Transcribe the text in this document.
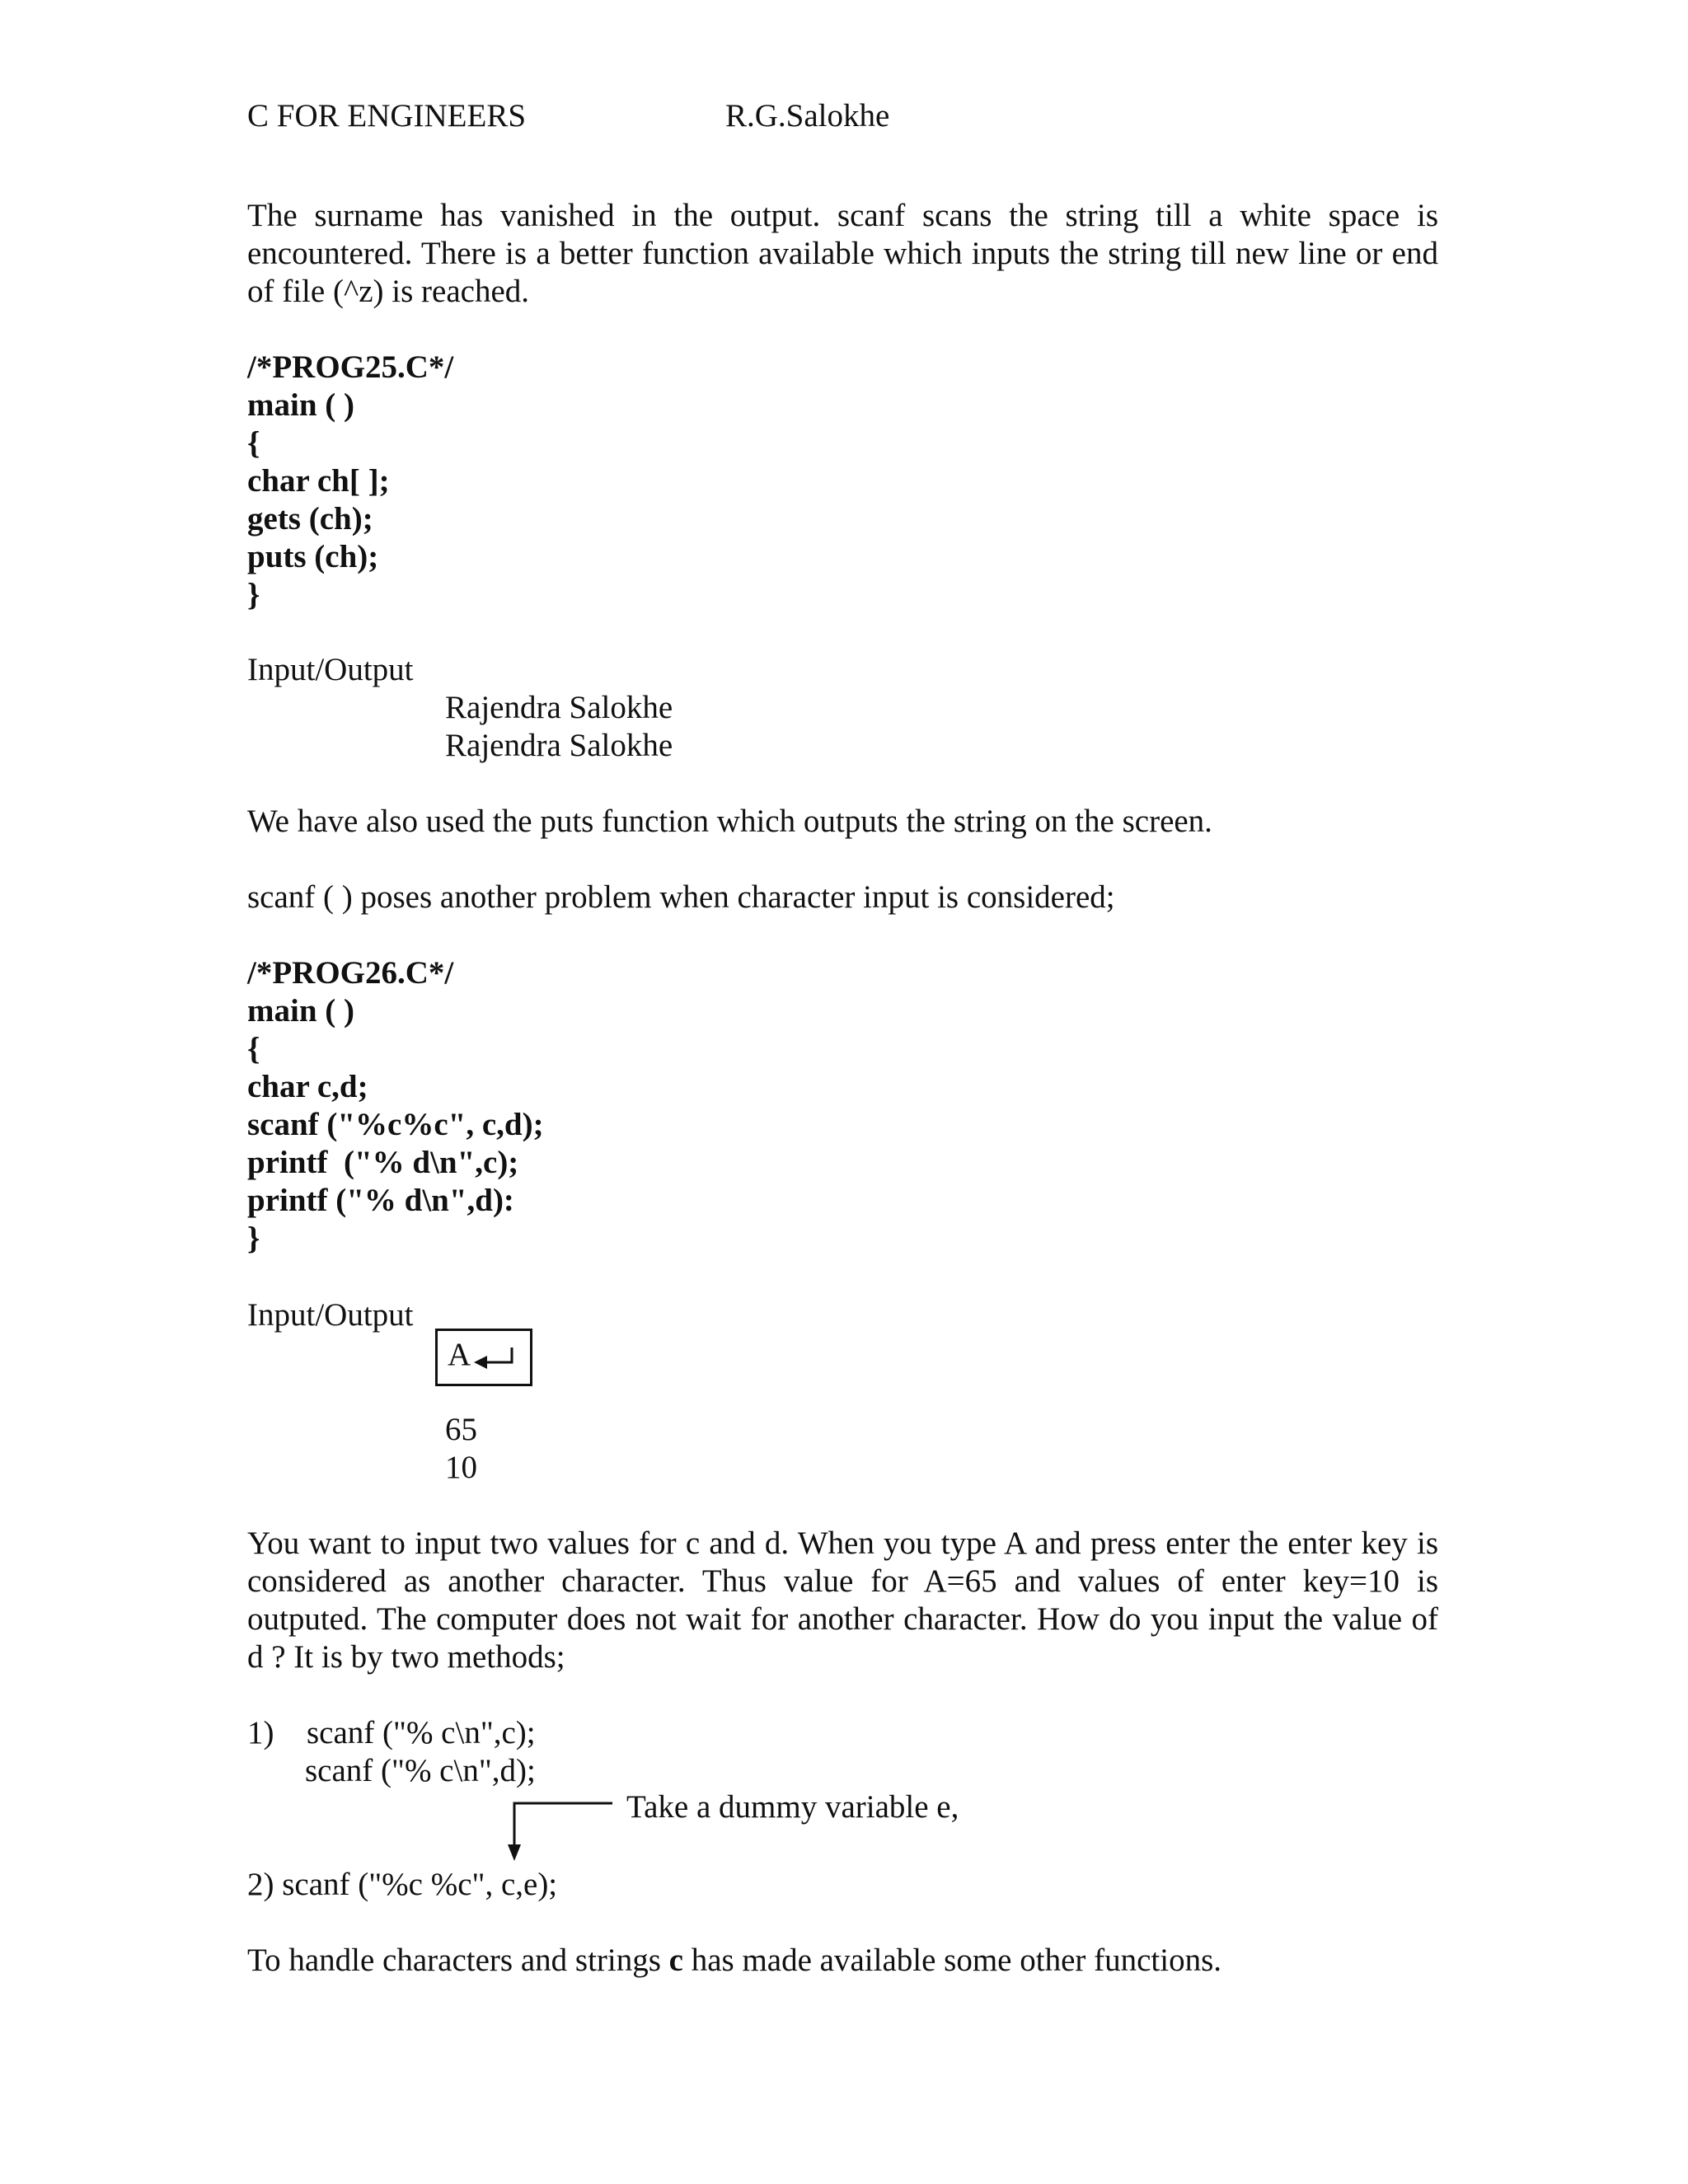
C FOR ENGINEERS	R.G.Salokhe

The surname has vanished in the output. scanf scans the string till a white space is encountered. There is a better function available which inputs the string till new line or end of file (^z) is reached.

/*PROG25.C*/
main ( )
{
char ch[ ];
gets (ch);
puts (ch);
}
Input/Output
Rajendra Salokhe
Rajendra Salokhe
We have also used the puts function which outputs the string on the screen.
scanf ( ) poses another problem when character input is considered;
/*PROG26.C*/
main ( )
{
char c,d;
scanf ("%c%c", c,d);
printf  ("% d\n",c);
printf ("% d\n",d):
}
Input/Output
A
65
10

You want to input two values for c and d. When you type A and press enter the enter key is considered as another character. Thus value for A=65 and values of enter key=10 is outputed. The computer does not wait for another character. How do you input the value of d ? It is by two methods;

1) scanf ("% c\n",c);
scanf ("% c\n",d);
Take a dummy variable e,
2) scanf ("%c %c", c,e);
To handle characters and strings c has made available some other functions.
